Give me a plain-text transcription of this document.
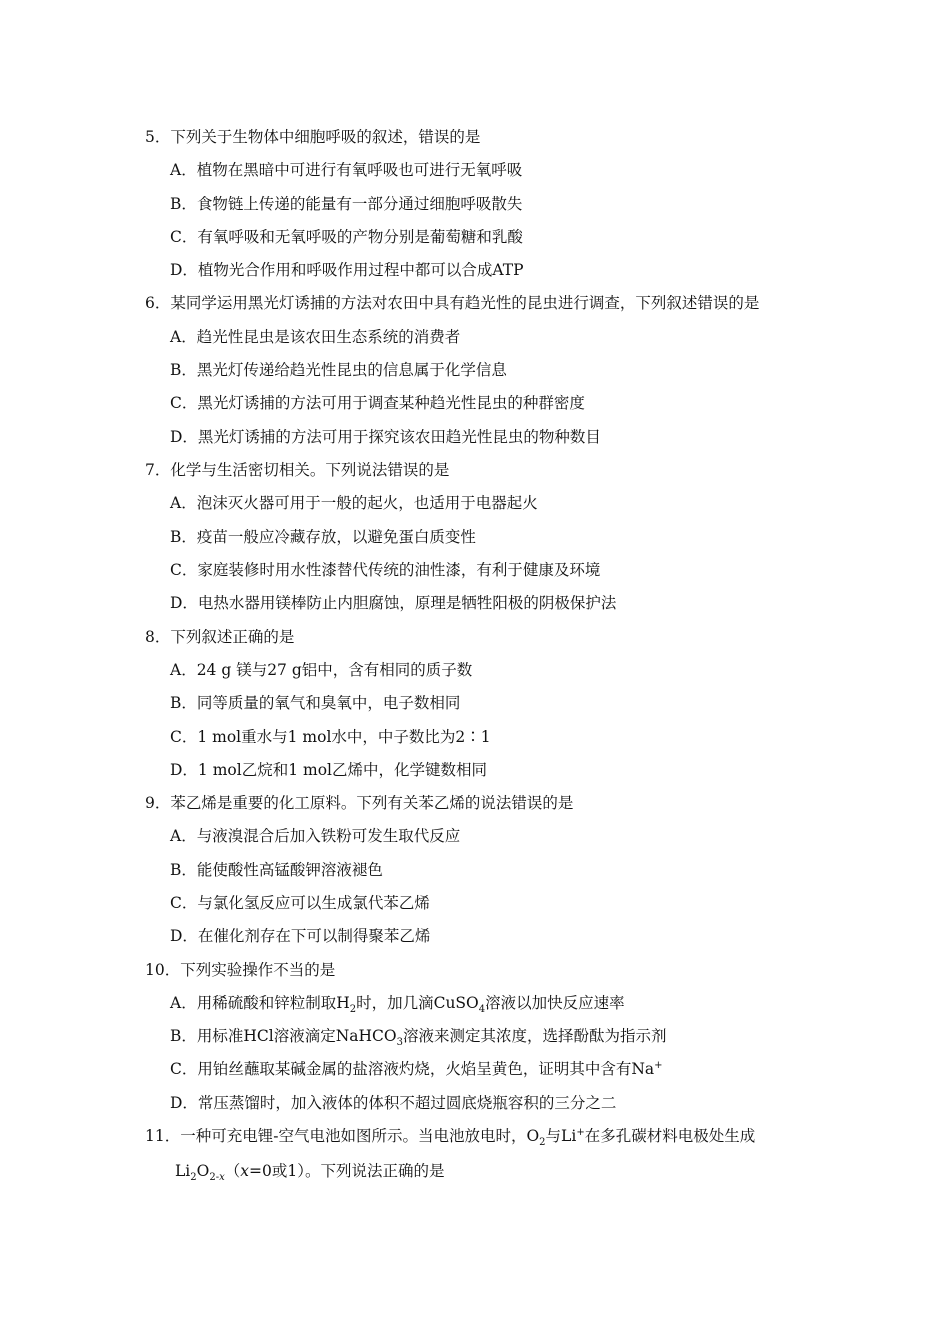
5．下列关于生物体中细胞呼吸的叙述，错误的是
A．植物在黑暗中可进行有氧呼吸也可进行无氧呼吸
B．食物链上传递的能量有一部分通过细胞呼吸散失
C．有氧呼吸和无氧呼吸的产物分别是葡萄糖和乳酸
D．植物光合作用和呼吸作用过程中都可以合成ATP
6．某同学运用黑光灯诱捕的方法对农田中具有趋光性的昆虫进行调查，下列叙述错误的是
A．趋光性昆虫是该农田生态系统的消费者
B．黑光灯传递给趋光性昆虫的信息属于化学信息
C．黑光灯诱捕的方法可用于调查某种趋光性昆虫的种群密度
D．黑光灯诱捕的方法可用于探究该农田趋光性昆虫的物种数目
7．化学与生活密切相关。下列说法错误的是
A．泡沫灭火器可用于一般的起火，也适用于电器起火
B．疫苗一般应冷藏存放，以避免蛋白质变性
C．家庭装修时用水性漆替代传统的油性漆，有利于健康及环境
D．电热水器用镁棒防止内胆腐蚀，原理是牺牲阳极的阴极保护法
8．下列叙述正确的是
A．24 g 镁与27 g铝中，含有相同的质子数
B．同等质量的氧气和臭氧中，电子数相同
C．1 mol重水与1 mol水中，中子数比为2∶1
D．1 mol乙烷和1 mol乙烯中，化学键数相同
9．苯乙烯是重要的化工原料。下列有关苯乙烯的说法错误的是
A．与液溴混合后加入铁粉可发生取代反应
B．能使酸性高锰酸钾溶液褪色
C．与氯化氢反应可以生成氯代苯乙烯
D．在催化剂存在下可以制得聚苯乙烯
10．下列实验操作不当的是
A．用稀硫酸和锌粒制取$H_2$时，加几滴CuSO$_4$溶液以加快反应速率
B．用标准HCl溶液滴定NaHCO$_3$溶液来测定其浓度，选择酚酞为指示剂
C．用铂丝蘸取某碱金属的盐溶液灼烧，火焰呈黄色，证明其中含有Na+
D．常压蒸馏时，加入液体的体积不超过圆底烧瓶容积的三分之二
11．一种可充电锂-空气电池如图所示。当电池放电时，$O_2$与Li+在多孔碳材料电极处生成
$Li_2O_{2-x}(x=0$或1）。下列说法正确的是
